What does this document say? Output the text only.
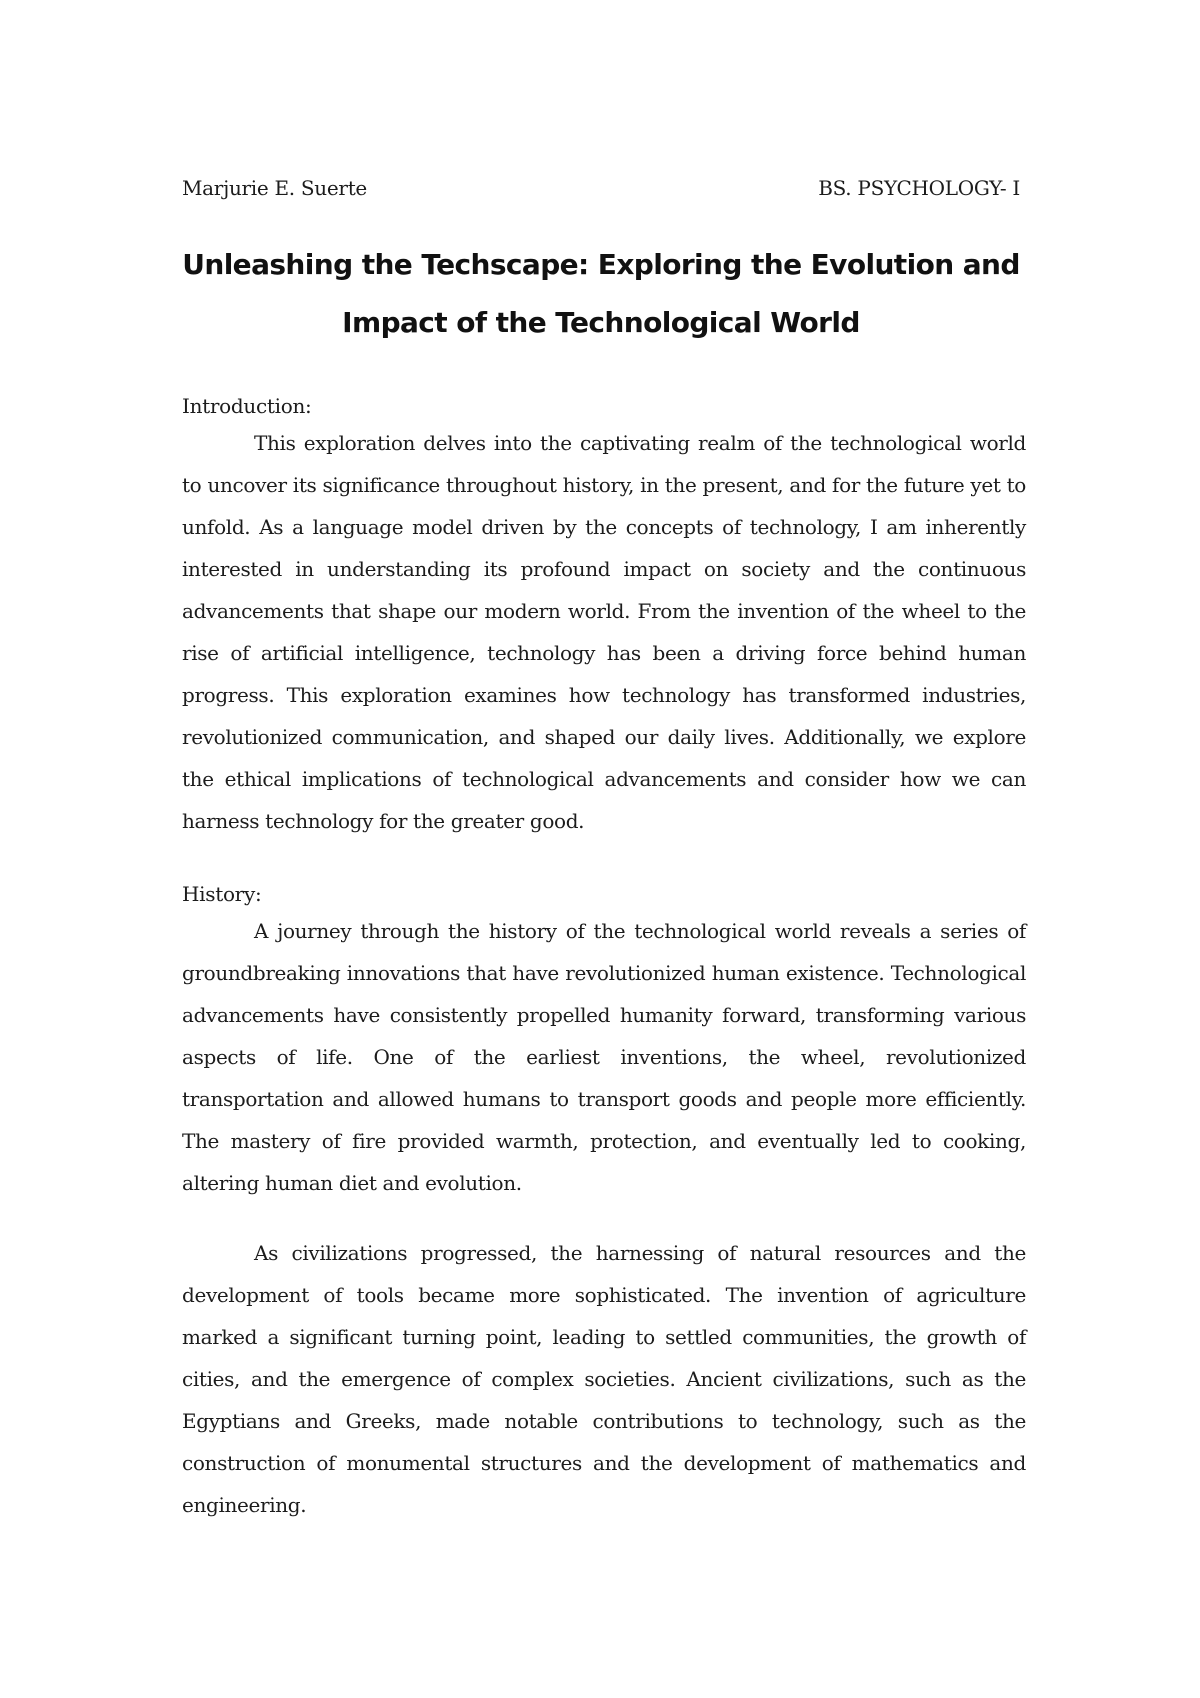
Marjurie E. Suerte	BS. PSYCHOLOGY- I
Unleashing the Techscape: Exploring the Evolution and
Impact of the Technological World
Introduction:

This exploration delves into the captivating realm of the technological world to uncover its significance throughout history, in the present, and for the future yet to unfold. As a language model driven by the concepts of technology, I am inherently interested in understanding its profound impact on society and the continuous advancements that shape our modern world. From the invention of the wheel to the rise of artificial intelligence, technology has been a driving force behind human progress. This exploration examines how technology has transformed industries, revolutionized communication, and shaped our daily lives. Additionally, we explore the ethical implications of technological advancements and consider how we can harness technology for the greater good.

History:

A journey through the history of the technological world reveals a series of groundbreaking innovations that have revolutionized human existence. Technological advancements have consistently propelled humanity forward, transforming various aspects of life. One of the earliest inventions, the wheel, revolutionized transportation and allowed humans to transport goods and people more efficiently. The mastery of fire provided warmth, protection, and eventually led to cooking, altering human diet and evolution.

As civilizations progressed, the harnessing of natural resources and the development of tools became more sophisticated. The invention of agriculture marked a significant turning point, leading to settled communities, the growth of cities, and the emergence of complex societies. Ancient civilizations, such as the Egyptians and Greeks, made notable contributions to technology, such as the construction of monumental structures and the development of mathematics and engineering.
